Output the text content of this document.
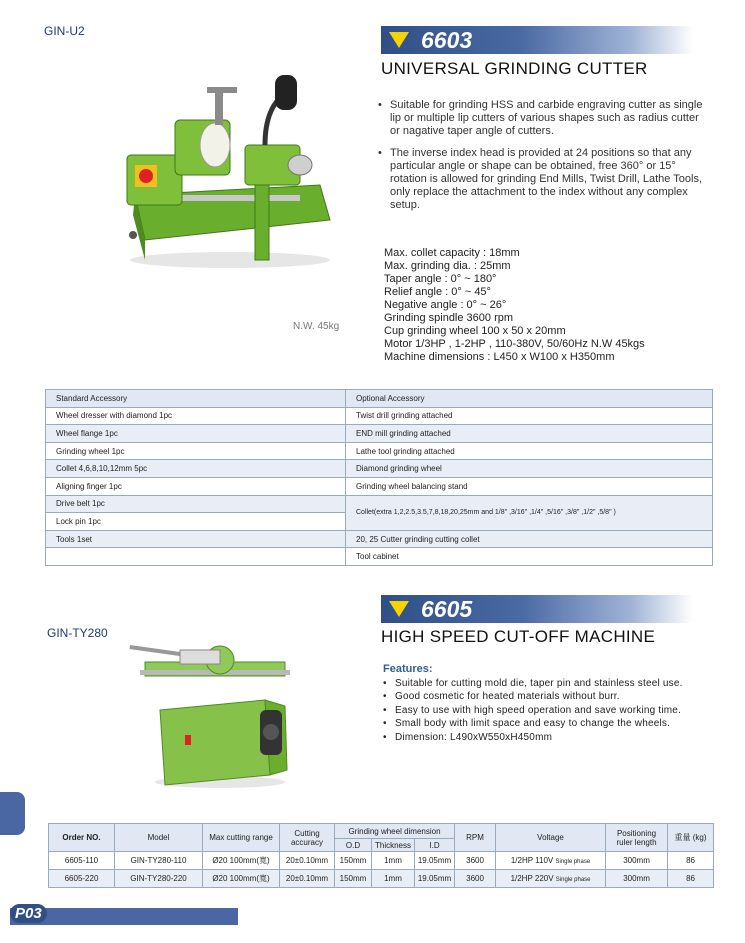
GIN-U2	6603
UNIVERSAL GRINDING CUTTER
• Suitable for grinding HSS and carbide engraving cutter as single lip or multiple lip cutters of various shapes such as radius cutter or nagative taper angle of cutters.
• The inverse index head is provided at 24 positions so that any particular angle or shape can be obtained, free 360° or 15° rotation is allowed for grinding End Mills, Twist Drill, Lathe Tools, only replace the attachment to the index without any complex setup.
Max. collet capacity : 18mm
Max. grinding dia. : 25mm
Taper angle : 0° ~ 180°
Relief angle : 0° ~ 45°
Negative angle : 0° ~ 26°
Grinding spindle 3600 rpm
Cup grinding wheel 100 x 50 x 20mm
Motor 1/3HP , 1-2HP , 110-380V, 50/60Hz N.W 45kgs
Machine dimensions : L450 x W100 x H350mm
N.W. 45kg
Standard Accessory	Optional Accessory
Wheel dresser with diamond 1pc	Twist drill grinding attached
Wheel flange 1pc	END mill grinding attached
Grinding wheel 1pc	Lathe tool grinding attached
Collet 4,6,8,10,12mm 5pc	Diamond grinding wheel
Aligning finger 1pc	Grinding wheel balancing stand
Drive belt 1pc	Collet(extra 1,2,2.5,3.5,7,8,18,20,25mm and 1/8" ,3/16" ,1/4" ,5/16" ,3/8" ,1/2" ,5/8" )
Lock pin 1pc	
Tools 1set	20, 25 Cutter grinding cutting collet
	Tool cabinet
GIN-TY280
6605
HIGH SPEED CUT-OFF MACHINE
Features:
• Suitable for cutting mold die, taper pin and stainless steel use.
• Good cosmetic for heated materials without burr.
• Easy to use with high speed operation and save working time.
• Small body with limit space and easy to change the wheels.
• Dimension: L490xW550xH450mm
Order NO.	Model	Max cutting range	Cutting accuracy	Grinding wheel dimension			RPM	Voltage	Positioning ruler length	重量 (kg)
				O.D	Thickness	I.D				
6605-110	GIN-TY280-110	Ø20 100mm(寬)	20±0.10mm	150mm	1mm	19.05mm	3600	1/2HP 110V Single phase	300mm	86
6605-220	GIN-TY280-220	Ø20 100mm(寬)	20±0.10mm	150mm	1mm	19.05mm	3600	1/2HP 220V Single phase	300mm	86
P03
